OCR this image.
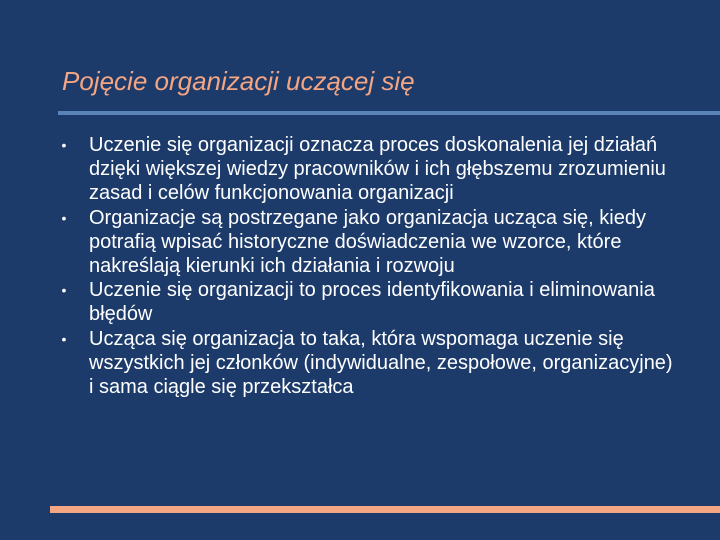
Pojęcie organizacji uczącej się
• Uczenie się organizacji oznacza proces doskonalenia jej działań dzięki większej wiedzy pracowników i ich głębszemu zrozumieniu zasad i celów funkcjonowania organizacji
• Organizacje są postrzegane jako organizacja ucząca się, kiedy potrafią wpisać historyczne doświadczenia we wzorce, które nakreślają kierunki ich działania i rozwoju
• Uczenie się organizacji to proces identyfikowania i eliminowania błędów
• Ucząca się organizacja to taka, która wspomaga uczenie się wszystkich jej członków (indywidualne, zespołowe, organizacyjne) i sama ciągle się przekształca
